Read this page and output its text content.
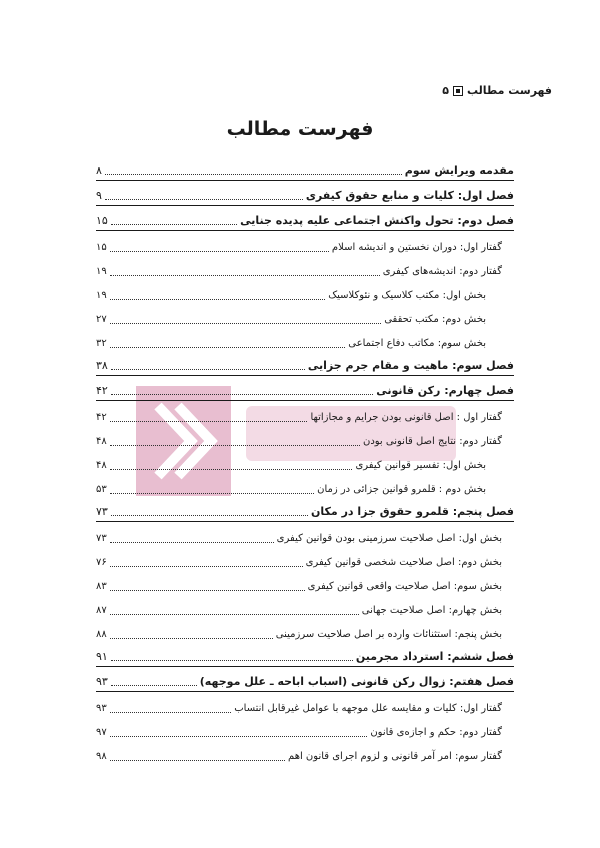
فهرست مطالب
۵
فهرست مطالب
مقدمه ویرایش سوم
۸
فصل اول: کلیات و منابع حقوق کیفری
۹
فصل دوم: تحول واکنش اجتماعی علیه پدیده جنایی
۱۵
گفتار اول: دوران نخستین و اندیشه اسلام
۱۵
گفتار دوم: اندیشه‌های کیفری
۱۹
بخش اول: مکتب کلاسیک و نئوکلاسیک
۱۹
بخش دوم: مکتب تحققی
۲۷
بخش سوم: مکاتب دفاع اجتماعی
۳۲
فصل سوم: ماهیت و مقام جرم جزایی
۳۸
فصل چهارم: رکن قانونی
۴۲
گفتار اول : اصل قانونی بودن جرایم و مجازاتها
۴۲
گفتار دوم: نتایج اصل قانونی بودن
۴۸
بخش اول: تفسیر قوانین کیفری
۴۸
بخش دوم : قلمرو قوانین جزائی در زمان
۵۳
فصل پنجم: قلمرو حقوق جزا در مکان
۷۳
بخش اول: اصل صلاحیت سرزمینی بودن قوانین کیفری
۷۳
بخش دوم: اصل صلاحیت شخصی قوانین کیفری
۷۶
بخش سوم: اصل صلاحیت واقعی قوانین کیفری
۸۳
بخش چهارم: اصل صلاحیت جهانی
۸۷
بخش پنجم: استثنائات وارده بر اصل صلاحیت سرزمینی
۸۸
فصل ششم: استرداد مجرمین
۹۱
فصل هفتم: زوال رکن قانونی (اسباب اباحه ـ علل موجهه)
۹۳
گفتار اول: کلیات و مقایسه علل موجهه با عوامل غیرقابل انتساب
۹۳
گفتار دوم: حکم و اجازه‌ی قانون
۹۷
گفتار سوم: امر آمر قانونی و لزوم اجرای قانون اهم
۹۸
